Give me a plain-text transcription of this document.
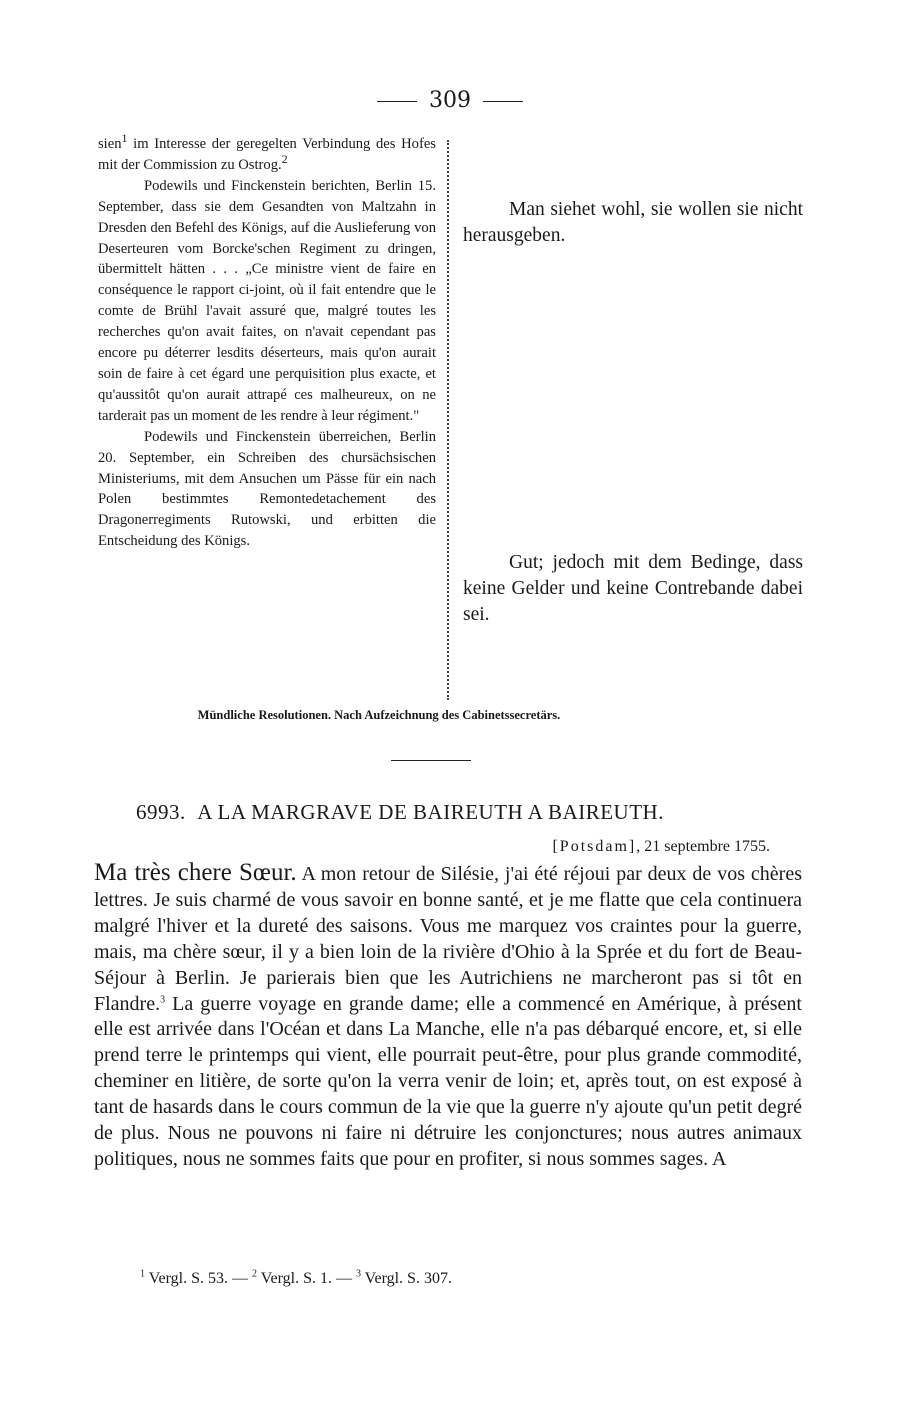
309

sien$^1$ im Interesse der geregelten Verbindung des Hofes mit der Commission zu Ostrog.$^2$

Podewils und Finckenstein berichten, Berlin 15. September, dass sie dem Gesandten von Maltzahn in Dresden den Befehl des Königs, auf die Auslieferung von Deserteuren vom Borcke'schen Regiment zu dringen, übermittelt hätten . . . „Ce ministre vient de faire en conséquence le rapport ci-joint, où il fait entendre que le comte de Brühl l'avait assuré que, malgré toutes les recherches qu'on avait faites, on n'avait cependant pas encore pu déterrer lesdits déserteurs, mais qu'on aurait soin de faire à cet égard une perquisition plus exacte, et qu'aussitôt qu'on aurait attrapé ces malheureux, on ne tarderait pas un moment de les rendre à leur régiment."

Podewils und Finckenstein überreichen, Berlin 20. September, ein Schreiben des chursächsischen Ministeriums, mit dem Ansuchen um Pässe für ein nach Polen bestimmtes Remontedetachement des Dragonerregiments Rutowski, und erbitten die Entscheidung des Königs.

Man siehet wohl, sie wollen sie nicht herausgeben.

Gut; jedoch mit dem Bedinge, dass keine Gelder und keine Contrebande dabei sei.

Mündliche Resolutionen. Nach Aufzeichnung des Cabinetssecretärs.
6993. A LA MARGRAVE DE BAIREUTH A BAIREUTH.
[Potsdam], 21 septembre 1755.

Ma très chere Sœur. A mon retour de Silésie, j'ai été réjoui par deux de vos chères lettres. Je suis charmé de vous savoir en bonne santé, et je me flatte que cela continuera malgré l'hiver et la dureté des saisons. Vous me marquez vos craintes pour la guerre, mais, ma chère sœur, il y a bien loin de la rivière d'Ohio à la Sprée et du fort de Beau-Séjour à Berlin. Je parierais bien que les Autrichiens ne marcheront pas si tôt en Flandre.$^3$ La guerre voyage en grande dame; elle a commencé en Amérique, à présent elle est arrivée dans l'Océan et dans La Manche, elle n'a pas débarqué encore, et, si elle prend terre le printemps qui vient, elle pourrait peut-être, pour plus grande commodité, cheminer en litière, de sorte qu'on la verra venir de loin; et, après tout, on est exposé à tant de hasards dans le cours commun de la vie que la guerre n'y ajoute qu'un petit degré de plus. Nous ne pouvons ni faire ni détruire les conjonctures; nous autres animaux politiques, nous ne sommes faits que pour en profiter, si nous sommes sages. A

$^1$ Vergl. S. 53. — $^2$ Vergl. S. 1. — $^3$ Vergl. S. 307.
